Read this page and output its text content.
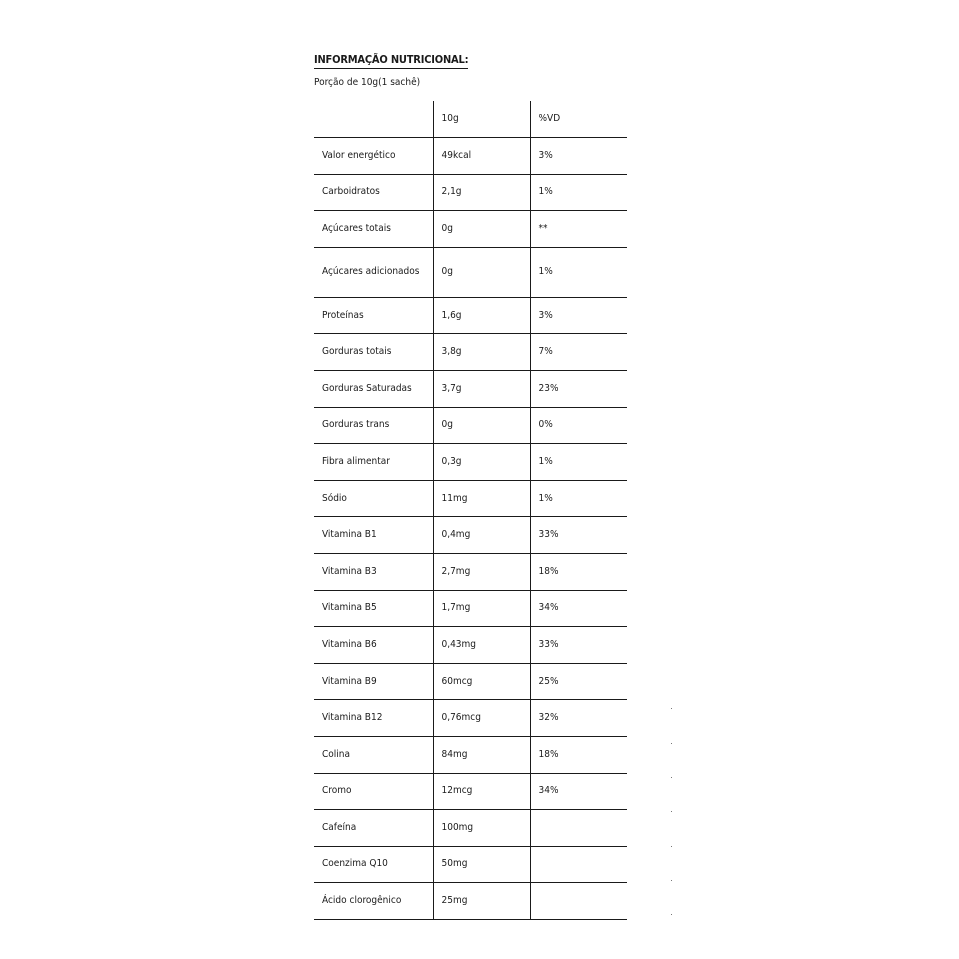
INFORMAÇÃO NUTRICIONAL:
Porção de 10g(1 sachê)
	10g	%VD
Valor energético	49kcal	3%
Carboidratos	2,1g	1%
Açúcares totais	0g	**
Açúcares adicionados	0g	1%
Proteínas	1,6g	3%
Gorduras totais	3,8g	7%
Gorduras Saturadas	3,7g	23%
Gorduras trans	0g	0%
Fibra alimentar	0,3g	1%
Sódio	11mg	1%
Vitamina B1	0,4mg	33%
Vitamina B3	2,7mg	18%
Vitamina B5	1,7mg	34%
Vitamina B6	0,43mg	33%
Vitamina B9	60mcg	25%
Vitamina B12	0,76mcg	32%
Colina	84mg	18%
Cromo	12mcg	34%
Cafeína	100mg	
Coenzima Q10	50mg	
Ácido clorogênico	25mg	
